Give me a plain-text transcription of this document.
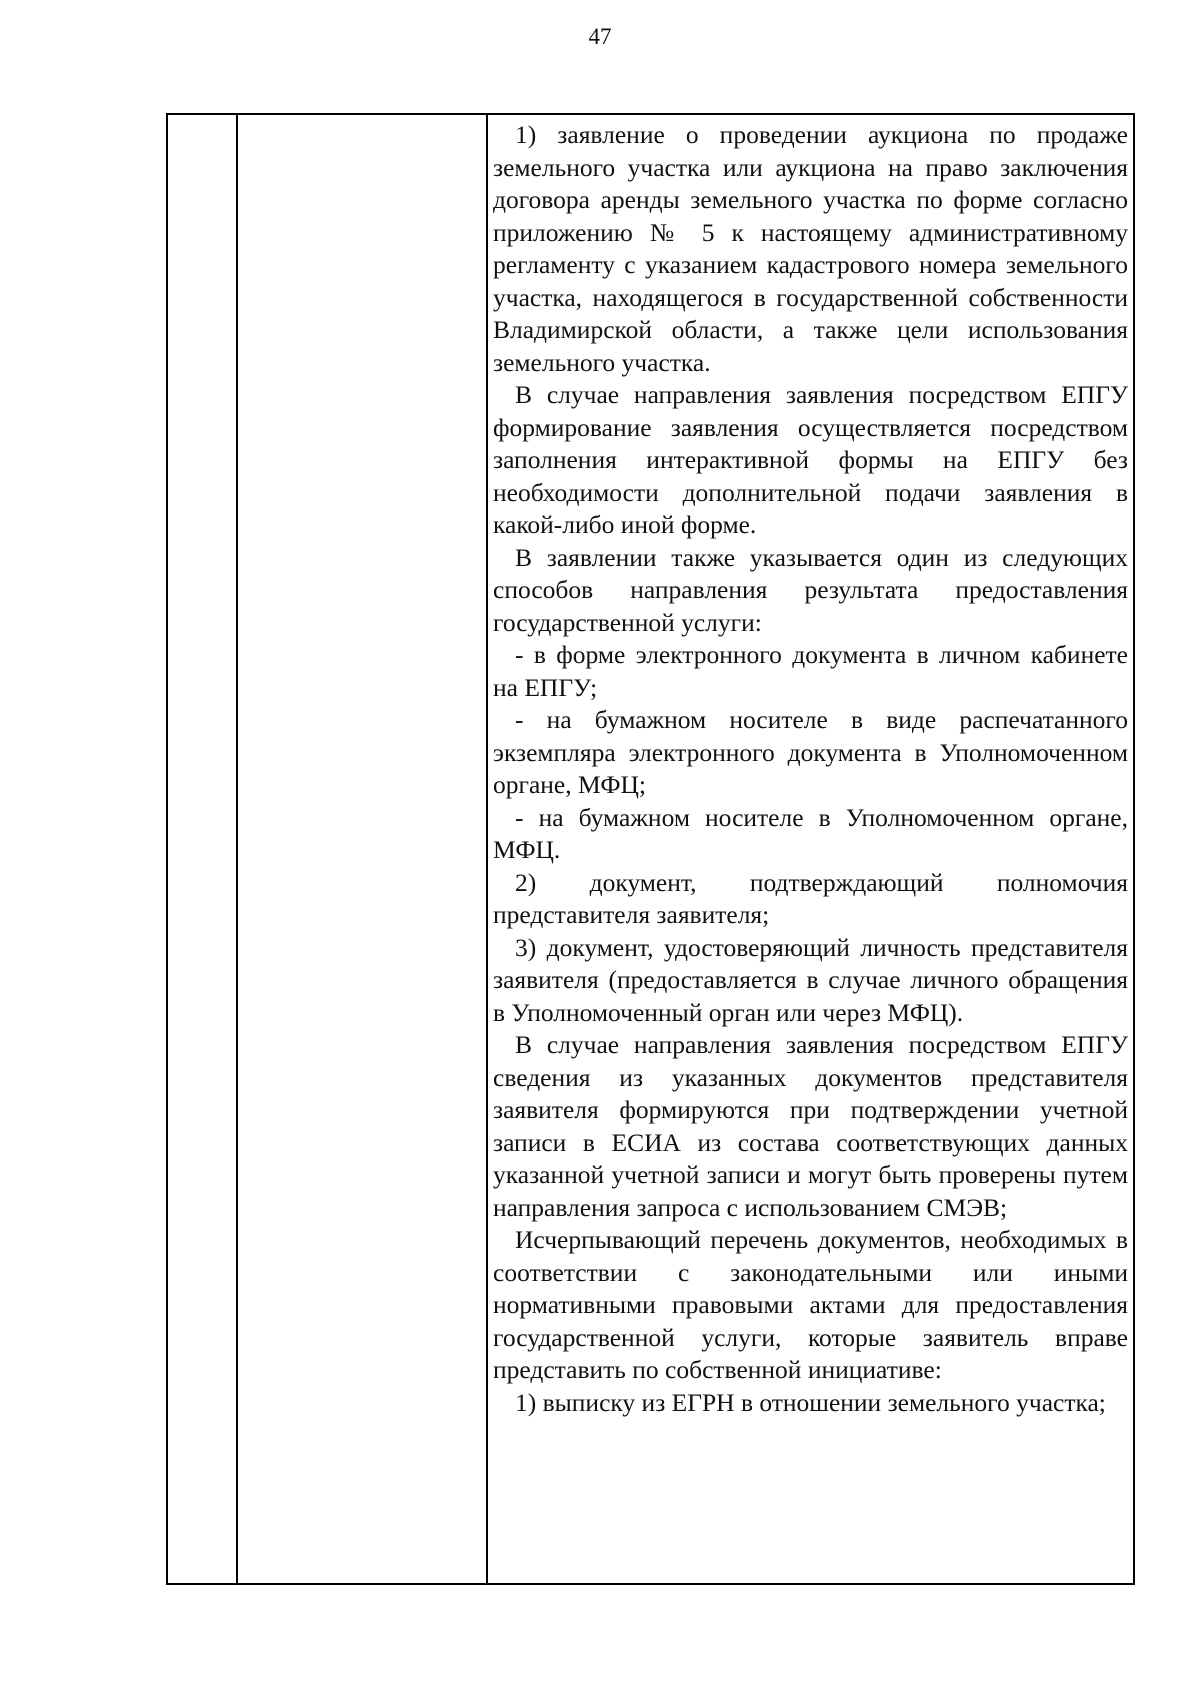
47

1) заявление о проведении аукциона по продаже земельного участка или аукциона на право заключения договора аренды земельного участка по форме согласно приложению № 5 к настоящему административному регламенту с указанием кадастрового номера земельного участка, находящегося в государственной собственности Владимирской области, а также цели использования земельного участка.

В случае направления заявления посредством ЕПГУ формирование заявления осуществляется посредством заполнения интерактивной формы на ЕПГУ без необходимости дополнительной подачи заявления в какой-либо иной форме.

В заявлении также указывается один из следующих способов направления результата предоставления государственной услуги:

- в форме электронного документа в личном кабинете на ЕПГУ;

- на бумажном носителе в виде распечатанного экземпляра электронного документа в Уполномоченном органе, МФЦ;

- на бумажном носителе в Уполномоченном органе, МФЦ.

2) документ, подтверждающий полномочия представителя заявителя;

3) документ, удостоверяющий личность представителя заявителя (предоставляется в случае личного обращения в Уполномоченный орган или через МФЦ).

В случае направления заявления посредством ЕПГУ сведения из указанных документов представителя заявителя формируются при подтверждении учетной записи в ЕСИА из состава соответствующих данных указанной учетной записи и могут быть проверены путем направления запроса с использованием СМЭВ;

Исчерпывающий перечень документов, необходимых в соответствии с законодательными или иными нормативными правовыми актами для предоставления государственной услуги, которые заявитель вправе представить по собственной инициативе:

1) выписку из ЕГРН в отношении земельного участка;
